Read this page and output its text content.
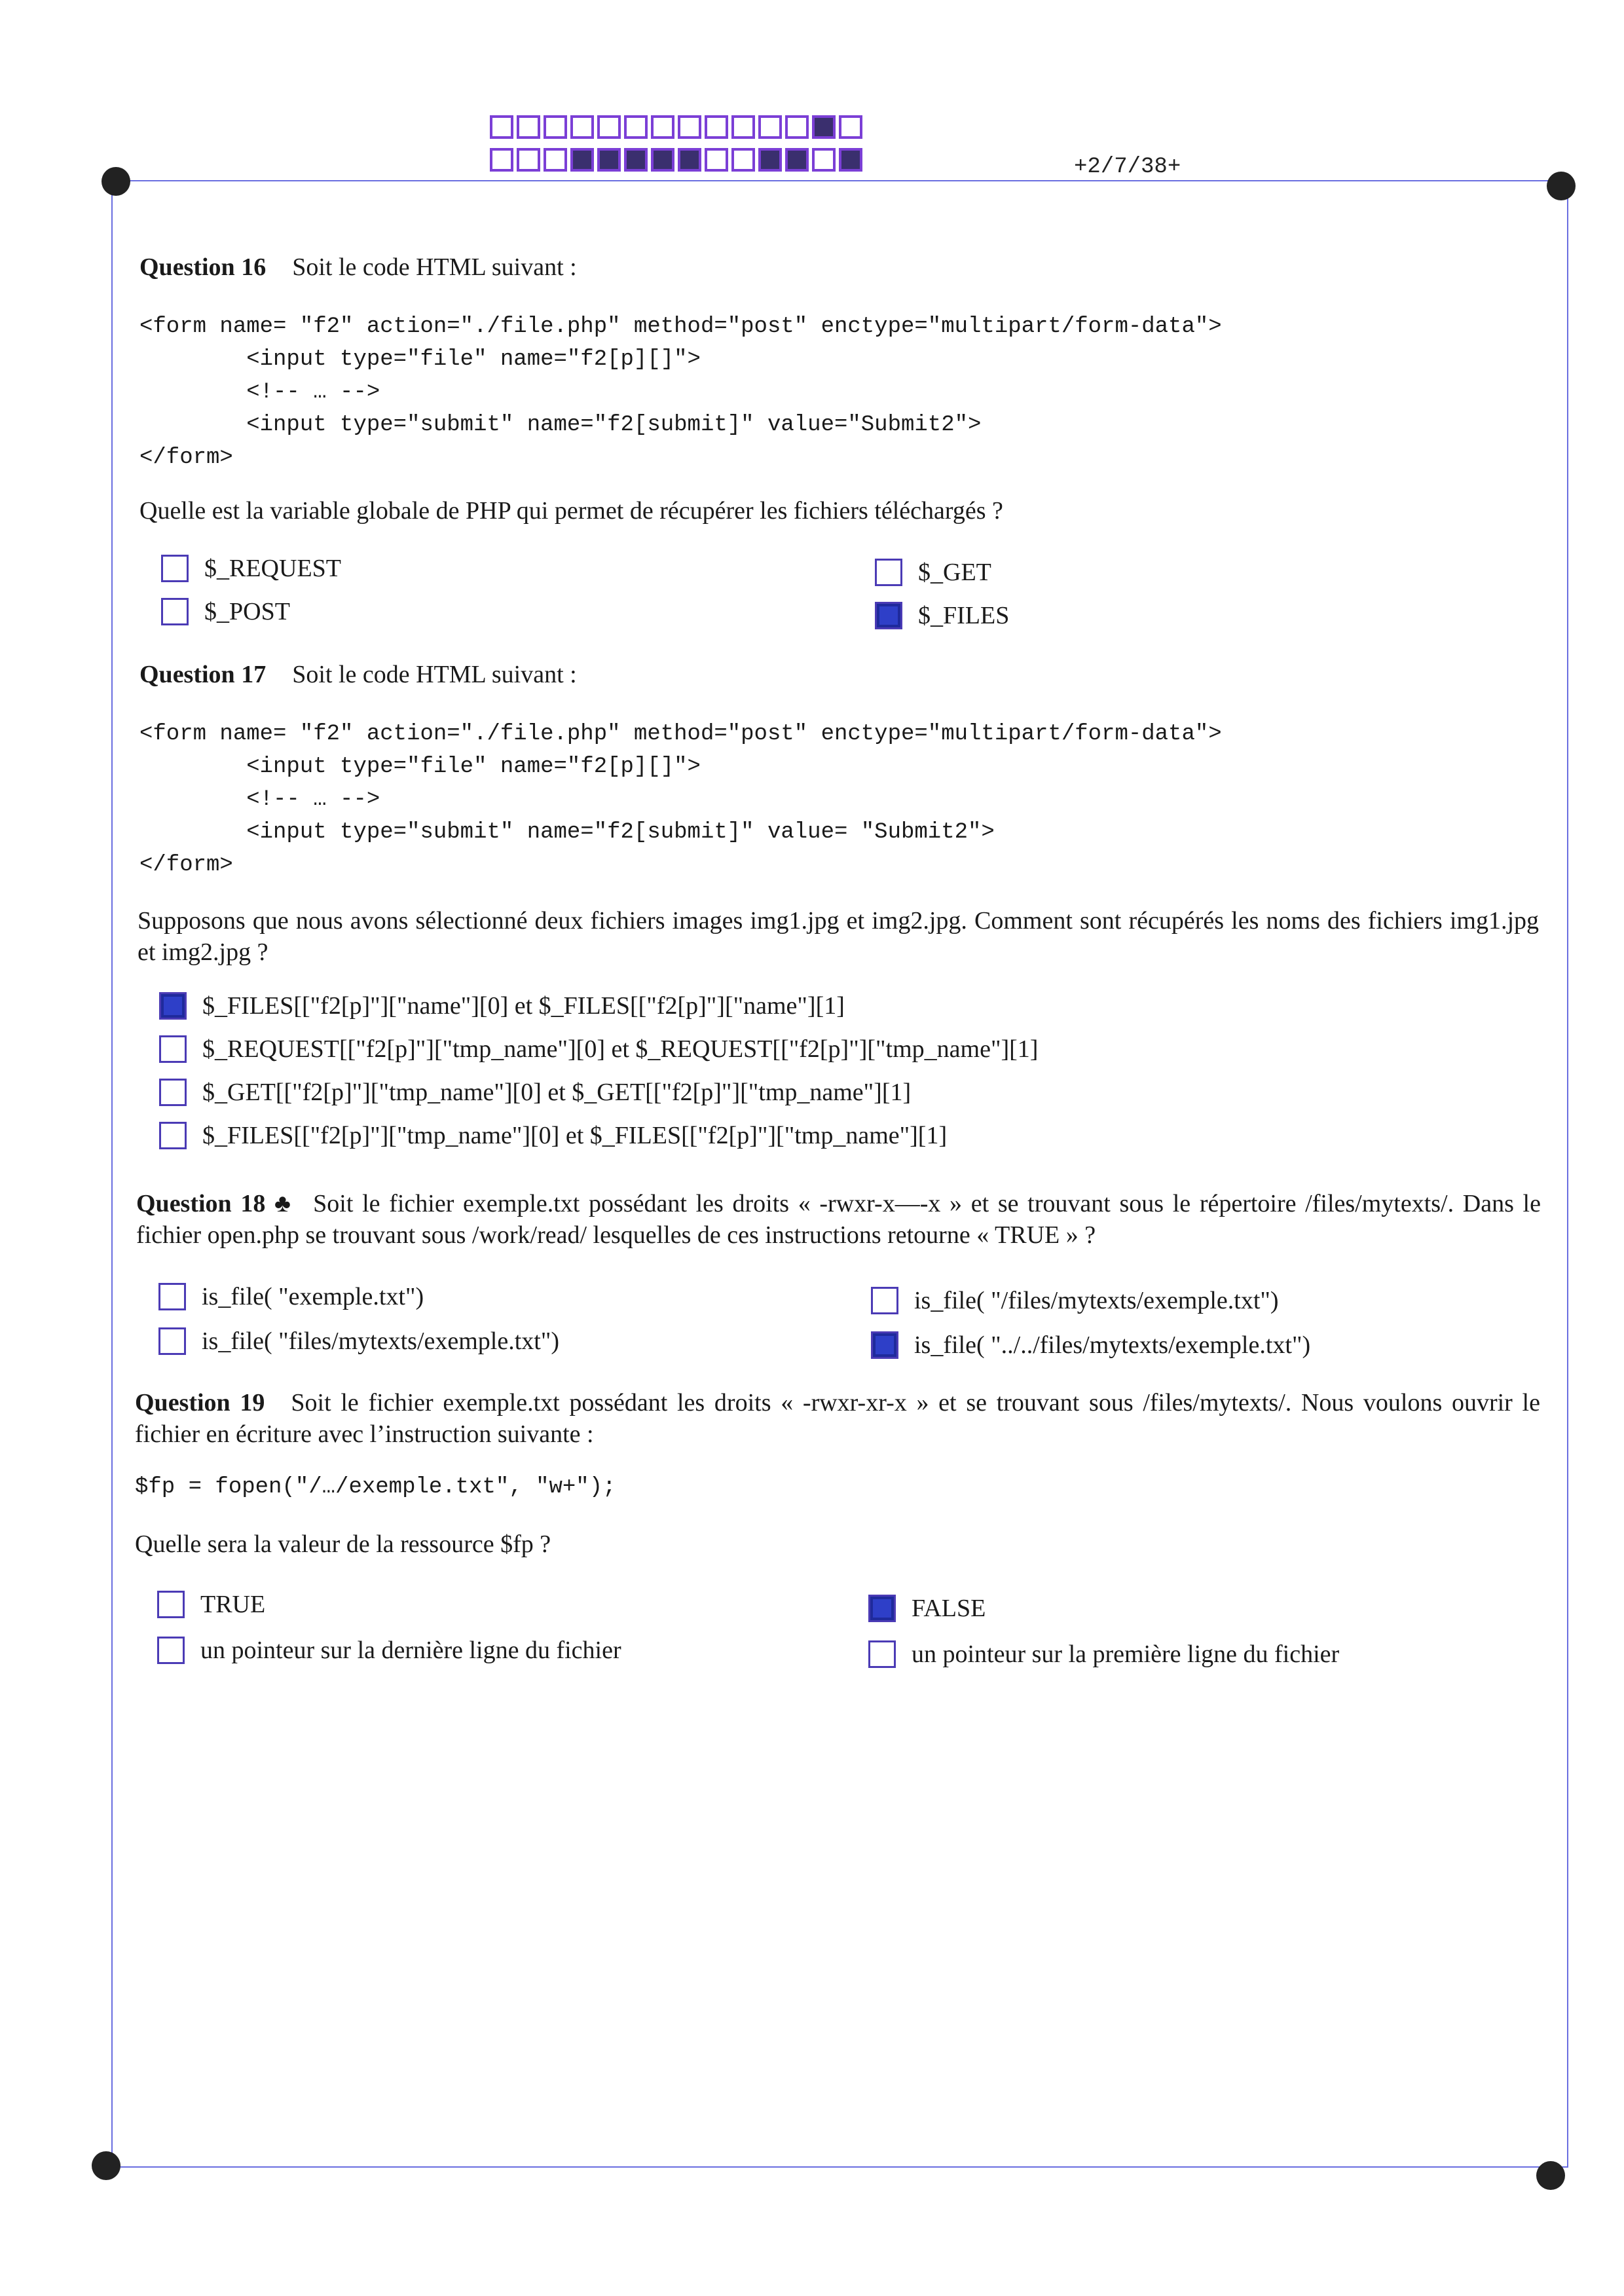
+2/7/38+
Question 16 Soit le code HTML suivant :
<form name= "f2" action="./file.php" method="post" enctype="multipart/form-data">
<input type="file" name="f2[p][]">
<!-- … -->
<input type="submit" name="f2[submit]" value="Submit2">
</form>
Quelle est la variable globale de PHP qui permet de récupérer les fichiers téléchargés ?
$_REQUEST
$_POST
$_GET
$_FILES
Question 17 Soit le code HTML suivant :
<form name= "f2" action="./file.php" method="post" enctype="multipart/form-data">
<input type="file" name="f2[p][]">
<!-- … -->
<input type="submit" name="f2[submit]" value= "Submit2">
</form>
Supposons que nous avons sélectionné deux fichiers images img1.jpg et img2.jpg. Comment sont récupérés les noms des fichiers img1.jpg et img2.jpg ?
$_FILES[["f2[p]"]["name"][0] et $_FILES[["f2[p]"]["name"][1]
$_REQUEST[["f2[p]"]["tmp_name"][0] et $_REQUEST[["f2[p]"]["tmp_name"][1]
$_GET[["f2[p]"]["tmp_name"][0] et $_GET[["f2[p]"]["tmp_name"][1]
$_FILES[["f2[p]"]["tmp_name"][0] et $_FILES[["f2[p]"]["tmp_name"][1]
Question 18 ♣ Soit le fichier exemple.txt possédant les droits « -rwxr-x—-x » et se trouvant sous le répertoire /files/mytexts/. Dans le fichier open.php se trouvant sous /work/read/ lesquelles de ces instructions retourne « TRUE » ?
is_file( "exemple.txt")
is_file( "files/mytexts/exemple.txt")
is_file( "/files/mytexts/exemple.txt")
is_file( "../../files/mytexts/exemple.txt")
Question 19 Soit le fichier exemple.txt possédant les droits « -rwxr-xr-x » et se trouvant sous /files/mytexts/. Nous voulons ouvrir le fichier en écriture avec l’instruction suivante :
$fp = fopen("/…/exemple.txt", "w+");
Quelle sera la valeur de la ressource $fp ?
TRUE
un pointeur sur la dernière ligne du fichier
FALSE
un pointeur sur la première ligne du fichier
